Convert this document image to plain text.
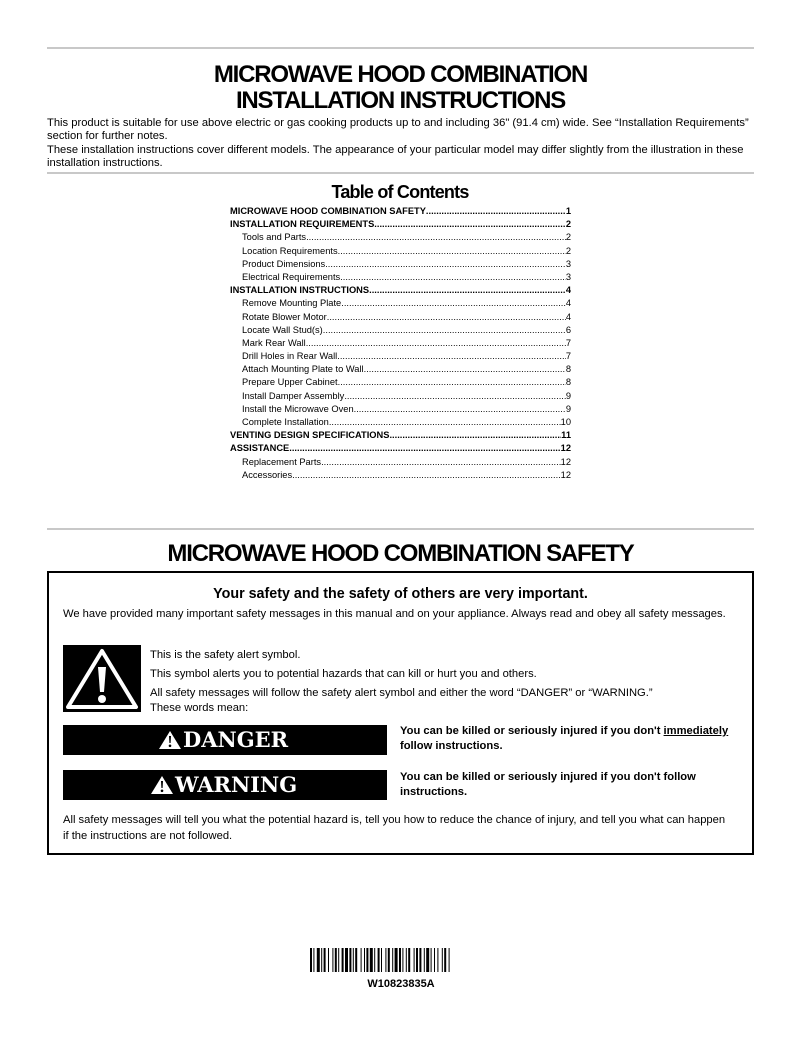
MICROWAVE HOOD COMBINATION
INSTALLATION INSTRUCTIONS
This product is suitable for use above electric or gas cooking products up to and including 36" (91.4 cm) wide. See “Installation Requirements” section for further notes.
These installation instructions cover different models. The appearance of your particular model may differ slightly from the illustration in these installation instructions.
Table of Contents
MICROWAVE HOOD COMBINATION SAFETY .....	1
INSTALLATION REQUIREMENTS .....	2
Tools and Parts .....	2
Location Requirements .....	2
Product Dimensions .....	3
Electrical Requirements .....	3
INSTALLATION INSTRUCTIONS .....	4
Remove Mounting Plate .....	4
Rotate Blower Motor .....	4
Locate Wall Stud(s) .....	6
Mark Rear Wall .....	7
Drill Holes in Rear Wall .....	7
Attach Mounting Plate to Wall .....	8
Prepare Upper Cabinet .....	8
Install Damper Assembly .....	9
Install the Microwave Oven .....	9
Complete Installation .....	10
VENTING DESIGN SPECIFICATIONS .....	11
ASSISTANCE .....	12
Replacement Parts .....	12
Accessories .....	12
MICROWAVE HOOD COMBINATION SAFETY
Your safety and the safety of others are very important.
We have provided many important safety messages in this manual and on your appliance. Always read and obey all safety messages.
This is the safety alert symbol.
This symbol alerts you to potential hazards that can kill or hurt you and others.
All safety messages will follow the safety alert symbol and either the word “DANGER” or “WARNING.”
These words mean:
DANGER	You can be killed or seriously injured if you don't immediately follow instructions.
WARNING	You can be killed or seriously injured if you don't follow instructions.
All safety messages will tell you what the potential hazard is, tell you how to reduce the chance of injury, and tell you what can happen if the instructions are not followed.
W10823835A
